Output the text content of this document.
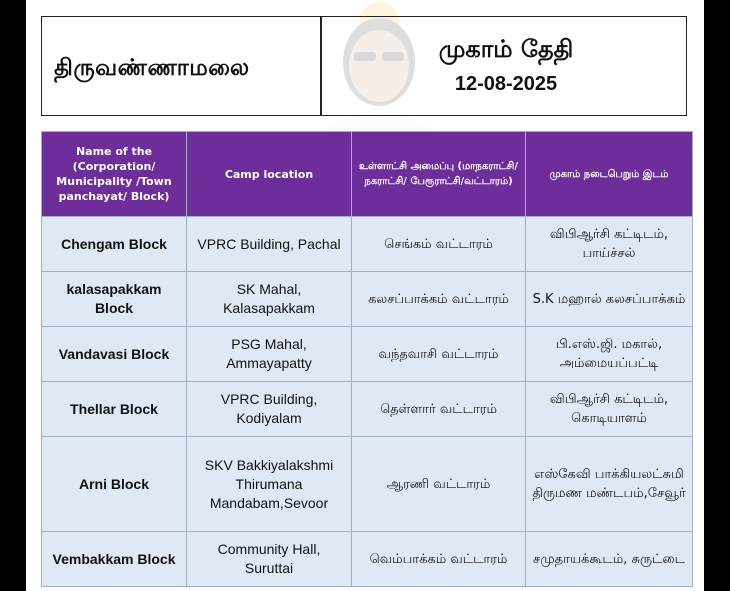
திருவண்ணாமலை
முகாம் தேதி
12-08-2025
Name of the (Corporation/ Municipality /Town panchayat/ Block)	Camp location	உள்ளாட்சி அமைப்பு (மாநகராட்சி/நகராட்சி/ பேரூராட்சி/வட்டாரம்)	முகாம் நடைபெறும் இடம்
Chengam Block	VPRC Building, Pachal	செங்கம் வட்டாரம்	விபிஆர்சி கட்டிடம், பாய்ச்சல்
kalasapakkam Block	SK Mahal, Kalasapakkam	கலசப்பாக்கம் வட்டாரம்	S.K மஹால் கலசப்பாக்கம்
Vandavasi Block	PSG Mahal, Ammayapatty	வந்தவாசி வட்டாரம்	பி.எஸ்.ஜி. மகால், அம்மையப்பட்டி
Thellar Block	VPRC Building, Kodiyalam	தெள்ளார் வட்டாரம்	விபிஆர்சி கட்டிடம், கொடியாளம்
Arni Block	SKV Bakkiyalakshmi Thirumana Mandabam,Sevoor	ஆரணி வட்டாரம்	எஸ்கேவி பாக்கியலட்சுமி திருமண மண்டபம்,சேவூர்
Vembakkam Block	Community Hall, Suruttai	வெம்பாக்கம் வட்டாரம்	சமுதாயக்கூடம், சுருட்டை
